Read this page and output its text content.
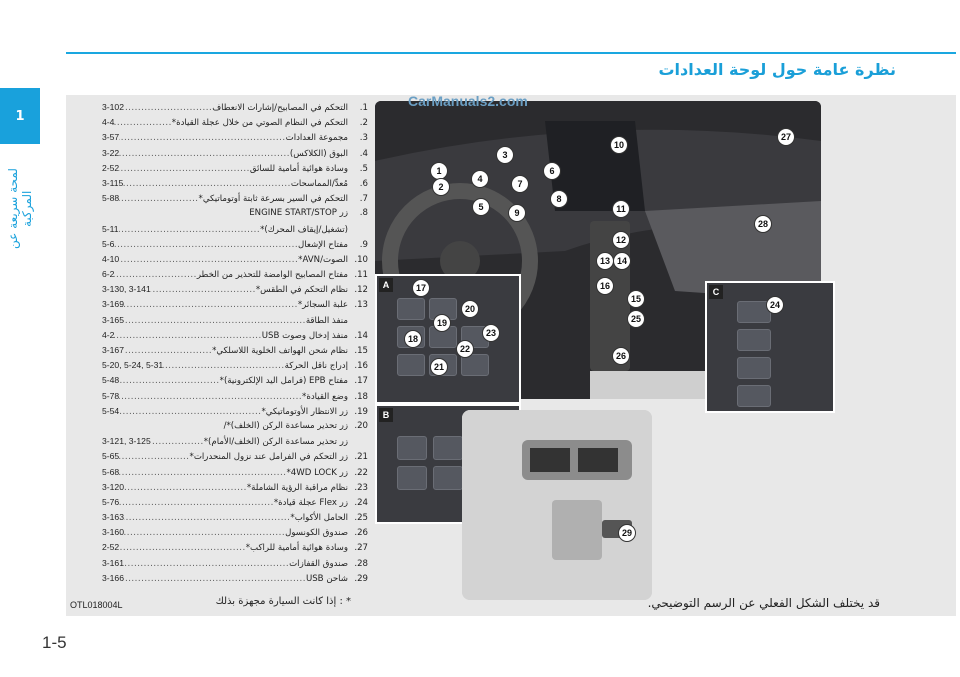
نظرة عامة حول لوحة العدادات
1
لمحة سريعة عن المركبة
1-5
1.
التحكم في المصابيح/إشارات الانعطاف
.....
3-102
2.
التحكم في النظام الصوتي من خلال عجلة القيادة*
.....
4-4
3.
مجموعة العدادات
.....
3-57
4.
البوق (الكلاكس)
.....
3-22
5.
وسادة هوائية أمامية للسائق
.....
2-52
6.
مُعدِّ/المماسحات
.....
3-115
7.
التحكم في السير بسرعة ثابتة أوتوماتيكي*
.....
5-88
8.
زر ENGINE START/STOP
(تشغيل/إيقاف المحرك)*
.....
5-11
9.
مفتاح الإشعال
.....
5-6
10.
الصوت/AVN*
.....
4-10
11.
مفتاح المصابيح الوامضة للتحذير من الخطر
.....
6-2
12.
نظام التحكم في الطقس*
.....
3-130, 3-141
13.
علبة السجائر*
.....
3-169
منفذ الطاقة
.....
3-165
14.
منفذ إدخال وصوت USB
.....
4-2
15.
نظام شحن الهواتف الخلوية اللاسلكي*
.....
3-167
16.
إدراج ناقل الحركة
.....
5-20, 5-24, 5-31
17.
مفتاح EPB (فرامل اليد الإلكترونية)*
.....
5-48
18.
وضع القيادة*
.....
5-78
19.
زر الانتظار الأوتوماتيكي*
.....
5-54
20.
زر تحذير مساعدة الركن (الخلف)*/
زر تحذير مساعدة الركن (الخلف/الأمام)*
.....
3-121, 3-125
21.
زر التحكم في الفرامل عند نزول المنحدرات*
.....
5-65
22.
زر 4WD LOCK*
.....
5-68
23.
نظام مراقبة الرؤية الشاملة*
.....
3-120
24.
زر Flex عجلة قيادة*
.....
5-76
25.
الحامل الأكواب*
.....
3-163
26.
صندوق الكونسول
.....
3-160
27.
وسادة هوائية أمامية للراكب*
.....
2-52
28.
صندوق القفازات
.....
3-161
29.
شاحن USB
.....
3-166
CarManuals2.com
A
B
C
1
2
3
4
5
6
7
8
9
10
11
12
13 14
15
16
17
18
19
20
21
22
23
24
25
26
27
28
29
OTL018004L	* : إذا كانت السيارة مجهزة بذلك	قد يختلف الشكل الفعلي عن الرسم التوضيحي.
